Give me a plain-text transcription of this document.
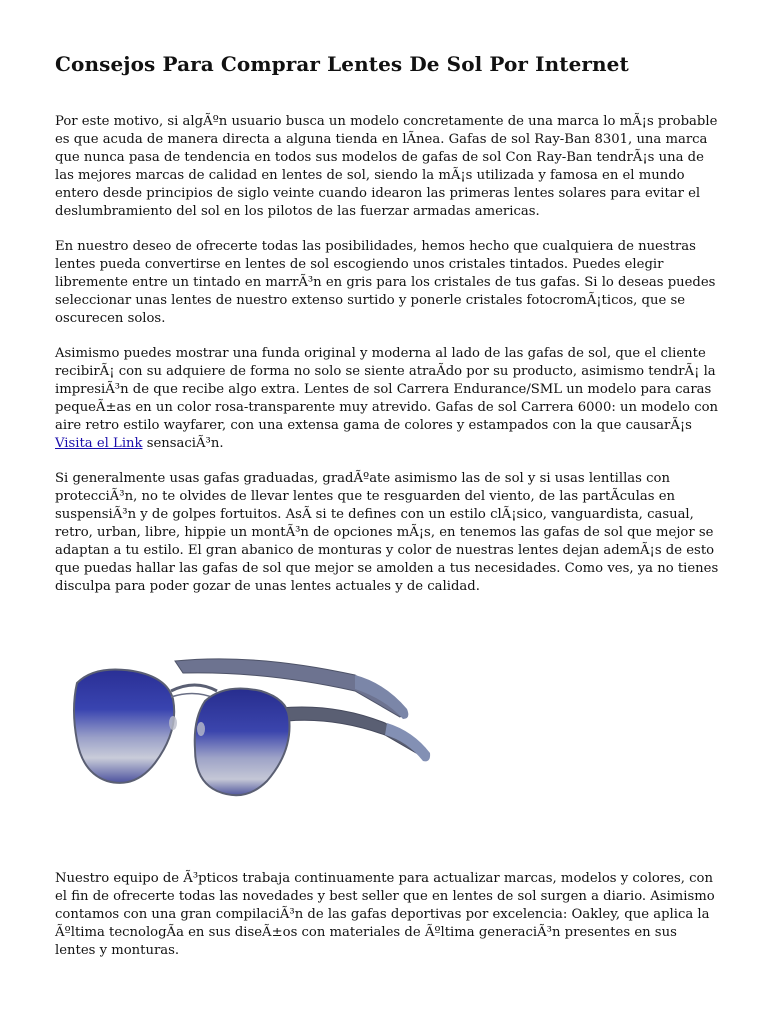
Consejos Para Comprar Lentes De Sol Por Internet

Por este motivo, si algÃºn usuario busca un modelo concretamente de una marca lo mÃ¡s probable es que acuda de manera directa a alguna tienda en lÃnea. Gafas de sol Ray-Ban 8301, una marca que nunca pasa de tendencia en todos sus modelos de gafas de sol Con Ray-Ban tendrÃ¡s una de las mejores marcas de calidad en lentes de sol, siendo la mÃ¡s utilizada y famosa en el mundo entero desde principios de siglo veinte cuando idearon las primeras lentes solares para evitar el deslumbramiento del sol en los pilotos de las fuerzar armadas americas.

En nuestro deseo de ofrecerte todas las posibilidades, hemos hecho que cualquiera de nuestras lentes pueda convertirse en lentes de sol escogiendo unos cristales tintados. Puedes elegir libremente entre un tintado en marrÃ³n en gris para los cristales de tus gafas. Si lo deseas puedes seleccionar unas lentes de nuestro extenso surtido y ponerle cristales fotocromÃ¡ticos, que se oscurecen solos.

Asimismo puedes mostrar una funda original y moderna al lado de las gafas de sol, que el cliente recibirÃ¡ con su adquiere de forma no solo se siente atraÃdo por su producto, asimismo tendrÃ¡ la impresiÃ³n de que recibe algo extra. Lentes de sol Carrera Endurance/SML un modelo para caras pequeÃ±as en un color rosa-transparente muy atrevido. Gafas de sol Carrera 6000: un modelo con aire retro estilo wayfarer, con una extensa gama de colores y estampados con la que causarÃ¡s Visita el Link sensaciÃ³n.

Si generalmente usas gafas graduadas, gradÃºate asimismo las de sol y si usas lentillas con protecciÃ³n, no te olvides de llevar lentes que te resguarden del viento, de las partÃculas en suspensiÃ³n y de golpes fortuitos. AsÃ si te defines con un estilo clÃ¡sico, vanguardista, casual, retro, urban, libre, hippie un montÃ³n de opciones mÃ¡s, en tenemos las gafas de sol que mejor se adaptan a tu estilo. El gran abanico de monturas y color de nuestras lentes dejan ademÃ¡s de esto que puedas hallar las gafas de sol que mejor se amolden a tus necesidades. Como ves, ya no tienes disculpa para poder gozar de unas lentes actuales y de calidad.

Nuestro equipo de Ã³pticos trabaja continuamente para actualizar marcas, modelos y colores, con el fin de ofrecerte todas las novedades y best seller que en lentes de sol surgen a diario. Asimismo contamos con una gran compilaciÃ³n de las gafas deportivas por excelencia: Oakley, que aplica la Ãºltima tecnologÃa en sus diseÃ±os con materiales de Ãºltima generaciÃ³n presentes en sus lentes y monturas.
